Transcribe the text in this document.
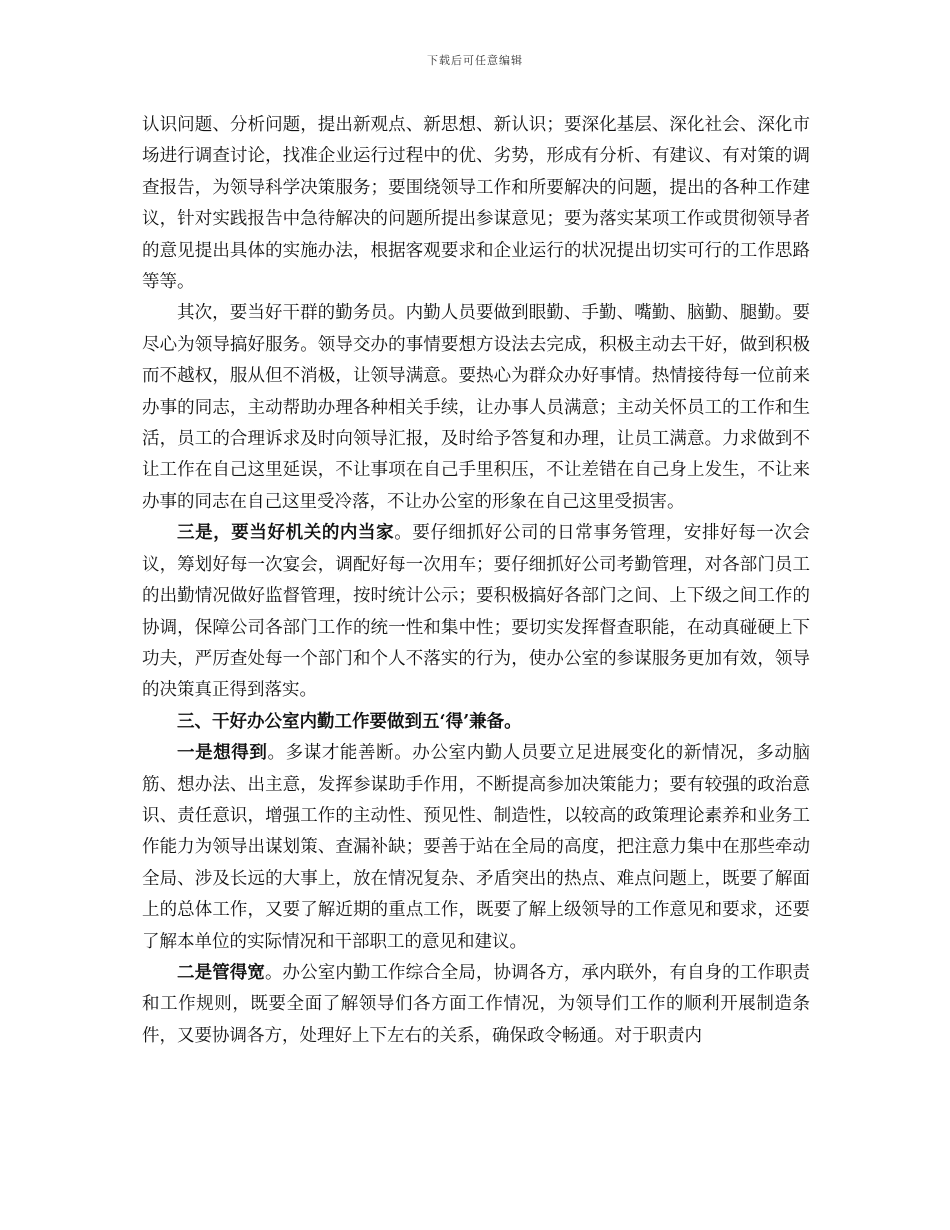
下载后可任意编辑

认识问题、分析问题，提出新观点、新思想、新认识；要深化基层、深化社会、深化市场进行调查讨论，找准企业运行过程中的优、劣势，形成有分析、有建议、有对策的调查报告，为领导科学决策服务；要围绕领导工作和所要解决的问题，提出的各种工作建议，针对实践报告中急待解决的问题所提出参谋意见；要为落实某项工作或贯彻领导者的意见提出具体的实施办法，根据客观要求和企业运行的状况提出切实可行的工作思路等等。

其次，要当好干群的勤务员。内勤人员要做到眼勤、手勤、嘴勤、脑勤、腿勤。要尽心为领导搞好服务。领导交办的事情要想方设法去完成，积极主动去干好，做到积极而不越权，服从但不消极，让领导满意。要热心为群众办好事情。热情接待每一位前来办事的同志，主动帮助办理各种相关手续，让办事人员满意；主动关怀员工的工作和生活，员工的合理诉求及时向领导汇报，及时给予答复和办理，让员工满意。力求做到不让工作在自己这里延误，不让事项在自己手里积压，不让差错在自己身上发生，不让来办事的同志在自己这里受冷落，不让办公室的形象在自己这里受损害。

三是，要当好机关的内当家。要仔细抓好公司的日常事务管理，安排好每一次会议，筹划好每一次宴会，调配好每一次用车；要仔细抓好公司考勤管理，对各部门员工的出勤情况做好监督管理，按时统计公示；要积极搞好各部门之间、上下级之间工作的协调，保障公司各部门工作的统一性和集中性；要切实发挥督查职能，在动真碰硬上下功夫，严厉查处每一个部门和个人不落实的行为，使办公室的参谋服务更加有效，领导的决策真正得到落实。

三、干好办公室内勤工作要做到五‘得’兼备。

一是想得到。多谋才能善断。办公室内勤人员要立足进展变化的新情况，多动脑筋、想办法、出主意，发挥参谋助手作用，不断提高参加决策能力；要有较强的政治意识、责任意识，增强工作的主动性、预见性、制造性，以较高的政策理论素养和业务工作能力为领导出谋划策、查漏补缺；要善于站在全局的高度，把注意力集中在那些牵动全局、涉及长远的大事上，放在情况复杂、矛盾突出的热点、难点问题上，既要了解面上的总体工作，又要了解近期的重点工作，既要了解上级领导的工作意见和要求，还要了解本单位的实际情况和干部职工的意见和建议。

二是管得宽。办公室内勤工作综合全局，协调各方，承内联外，有自身的工作职责和工作规则，既要全面了解领导们各方面工作情况，为领导们工作的顺利开展制造条件，又要协调各方，处理好上下左右的关系，确保政令畅通。对于职责内
